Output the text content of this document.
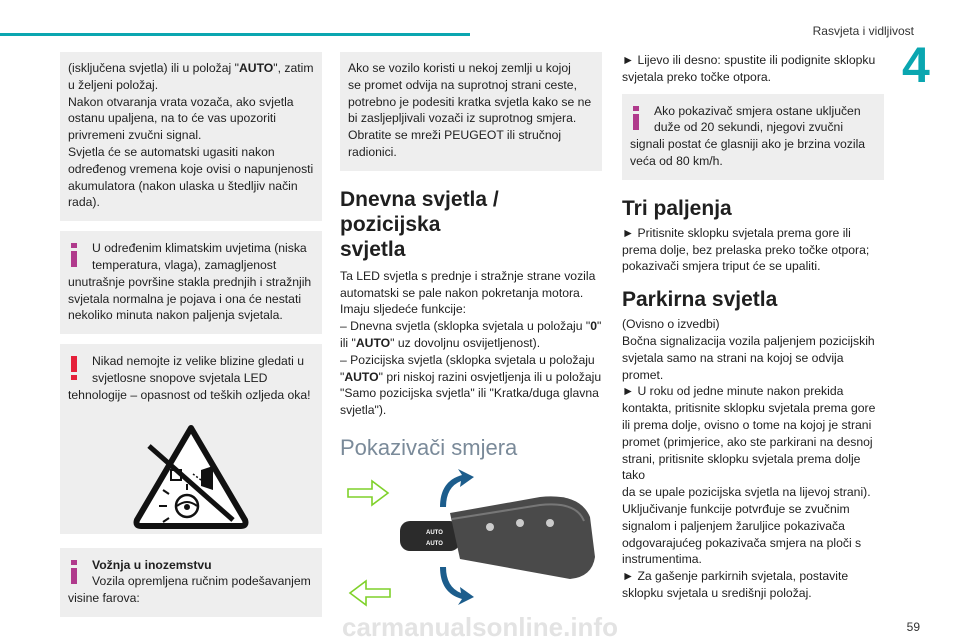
Rasvjeta i vidljivost
4
(isključena svjetla) ili u položaj "AUTO", zatim
u željeni položaj.
Nakon otvaranja vrata vozača, ako svjetla
ostanu upaljena, na to će vas upozoriti
privremeni zvučni signal.
Svjetla će se automatski ugasiti nakon
određenog vremena koje ovisi o napunjenosti
akumulatora (nakon ulaska u štedljiv način
rada).
U određenim klimatskim uvjetima (niska
temperatura, vlaga), zamagljenost
unutrašnje površine stakla prednjih i stražnjih
svjetala normalna je pojava i ona će nestati
nekoliko minuta nakon paljenja svjetala.
Nikad nemojte iz velike blizine gledati u
svjetlosne snopove svjetala LED
tehnologije – opasnost od teških ozljeda oka!
Vožnja u inozemstvu
Vozila opremljena ručnim podešavanjem
visine farova:
Ako se vozilo koristi u nekoj zemlji u kojoj
se promet odvija na suprotnoj strani ceste,
potrebno je podesiti kratka svjetla kako se ne
bi zasljepljivali vozači iz suprotnog smjera.
Obratite se mreži PEUGEOT ili stručnoj
radionici.
Dnevna svjetla / pozicijska
svjetla
Ta LED svjetla s prednje i stražnje strane vozila
automatski se pale nakon pokretanja motora.
Imaju sljedeće funkcije:
– Dnevna svjetla (sklopka svjetala u položaju "0"
ili "AUTO" uz dovoljnu osvijetljenost).
– Pozicijska svjetla (sklopka svjetala u položaju
"AUTO" pri niskoj razini osvjetljenja ili u položaju
"Samo pozicijska svjetla" ili "Kratka/duga glavna
svjetla").
Pokazivači smjera
AUTO
AUTO
► Lijevo ili desno: spustite ili podignite sklopku
svjetala preko točke otpora.
Ako pokazivač smjera ostane uključen
duže od 20 sekundi, njegovi zvučni
signali postat će glasniji ako je brzina vozila
veća od 80 km/h.
Tri paljenja
► Pritisnite sklopku svjetala prema gore ili
prema dolje, bez prelaska preko točke otpora;
pokazivači smjera triput će se upaliti.
Parkirna svjetla
(Ovisno o izvedbi)
Bočna signalizacija vozila paljenjem pozicijskih
svjetala samo na strani na kojoj se odvija
promet.
► U roku od jedne minute nakon prekida
kontakta, pritisnite sklopku svjetala prema gore
ili prema dolje, ovisno o tome na kojoj je strani
promet (primjerice, ako ste parkirani na desnoj
strani, pritisnite sklopku svjetala prema dolje tako
da se upale pozicijska svjetla na lijevoj strani).
Uključivanje funkcije potvrđuje se zvučnim
signalom i paljenjem žaruljice pokazivača
odgovarajućeg pokazivača smjera na ploči s
instrumentima.
► Za gašenje parkirnih svjetala, postavite
sklopku svjetala u središnji položaj.
carmanualsonline.info	59
